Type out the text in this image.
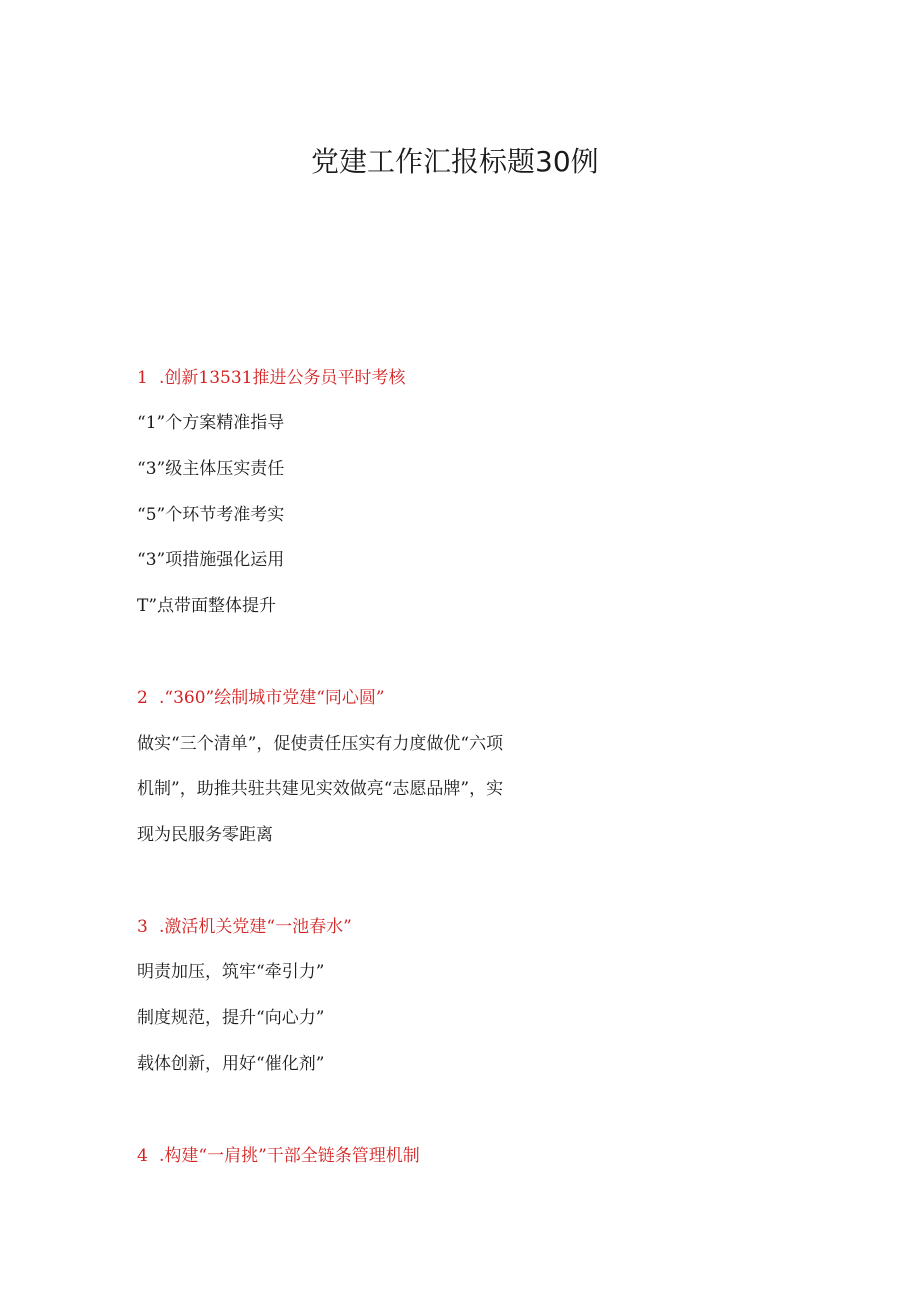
党建工作汇报标题30例

1 .创新13531推进公务员平时考核

“1”个方案精准指导

“3”级主体压实责任

“5”个环节考准考实

“3”项措施强化运用

T”点带面整体提升

2 .“360”绘制城市党建“同心圆”

做实“三个清单”，促使责任压实有力度做优“六项

机制”，助推共驻共建见实效做亮“志愿品牌”，实

现为民服务零距离

3 .激活机关党建“一池春水”

明责加压，筑牢“牵引力”

制度规范，提升“向心力”

载体创新，用好“催化剂”

4 .构建“一肩挑”干部全链条管理机制
